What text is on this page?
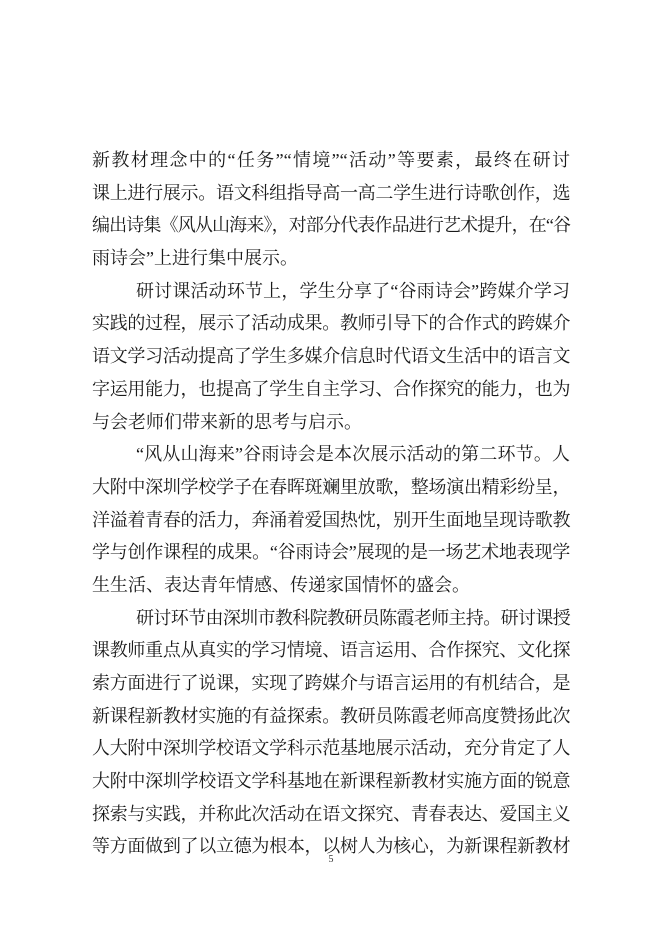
新教材理念中的“任务”“情境”“活动”等要素，最终在研讨
课上进行展示。语文科组指导高一高二学生进行诗歌创作，选
编出诗集《风从山海来》，对部分代表作品进行艺术提升，在“谷
雨诗会”上进行集中展示。
研讨课活动环节上，学生分享了“谷雨诗会”跨媒介学习
实践的过程，展示了活动成果。教师引导下的合作式的跨媒介
语文学习活动提高了学生多媒介信息时代语文生活中的语言文
字运用能力，也提高了学生自主学习、合作探究的能力，也为
与会老师们带来新的思考与启示。
“风从山海来”谷雨诗会是本次展示活动的第二环节。人
大附中深圳学校学子在春晖斑斓里放歌，整场演出精彩纷呈，
洋溢着青春的活力，奔涌着爱国热忱，别开生面地呈现诗歌教
学与创作课程的成果。“谷雨诗会”展现的是一场艺术地表现学
生生活、表达青年情感、传递家国情怀的盛会。
研讨环节由深圳市教科院教研员陈霞老师主持。研讨课授
课教师重点从真实的学习情境、语言运用、合作探究、文化探
索方面进行了说课，实现了跨媒介与语言运用的有机结合，是
新课程新教材实施的有益探索。教研员陈霞老师高度赞扬此次
人大附中深圳学校语文学科示范基地展示活动，充分肯定了人
大附中深圳学校语文学科基地在新课程新教材实施方面的锐意
探索与实践，并称此次活动在语文探究、青春表达、爱国主义
等方面做到了以立德为根本，以树人为核心，为新课程新教材
5
